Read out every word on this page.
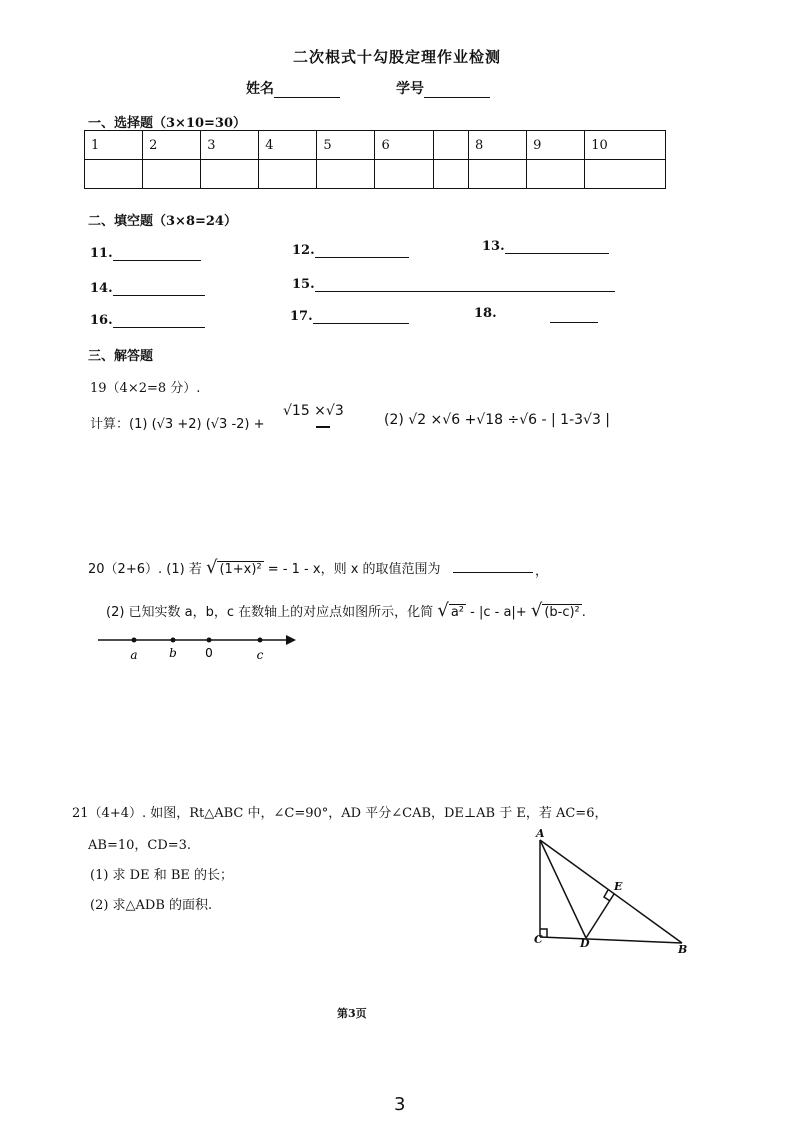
二次根式十勾股定理作业检测
姓名	学号
一、选择题（3×10=30）
1	2	3	4	5	6		8	9	10

二、填空题（3×8=24）
11.	12.	13.
14.	15.
16.	17.	18.
三、解答题
19（4×2=8 分）.
计算：(1) (√3 +2) (√3 -2) +
√15 ×√3
(2) √2 ×√6 +√18 ÷√6 - | 1-3√3 |
20（2+6）. (1) 若 √ (1+x)² = - 1 - x，则 x 的取值范围为	，
(2) 已知实数 a，b，c 在数轴上的对应点如图所示，化简 √ a² - |c - a|+ √ (b-c)² .
a	b 0	c
21（4+4）. 如图，Rt△ABC 中，∠C=90°，AD 平分∠CAB，DE⊥AB 于 E，若 AC=6，
AB=10，CD=3.
(1) 求 DE 和 BE 的长；
(2) 求△ADB 的面积.
A
E
C	D	B
第3页
3
